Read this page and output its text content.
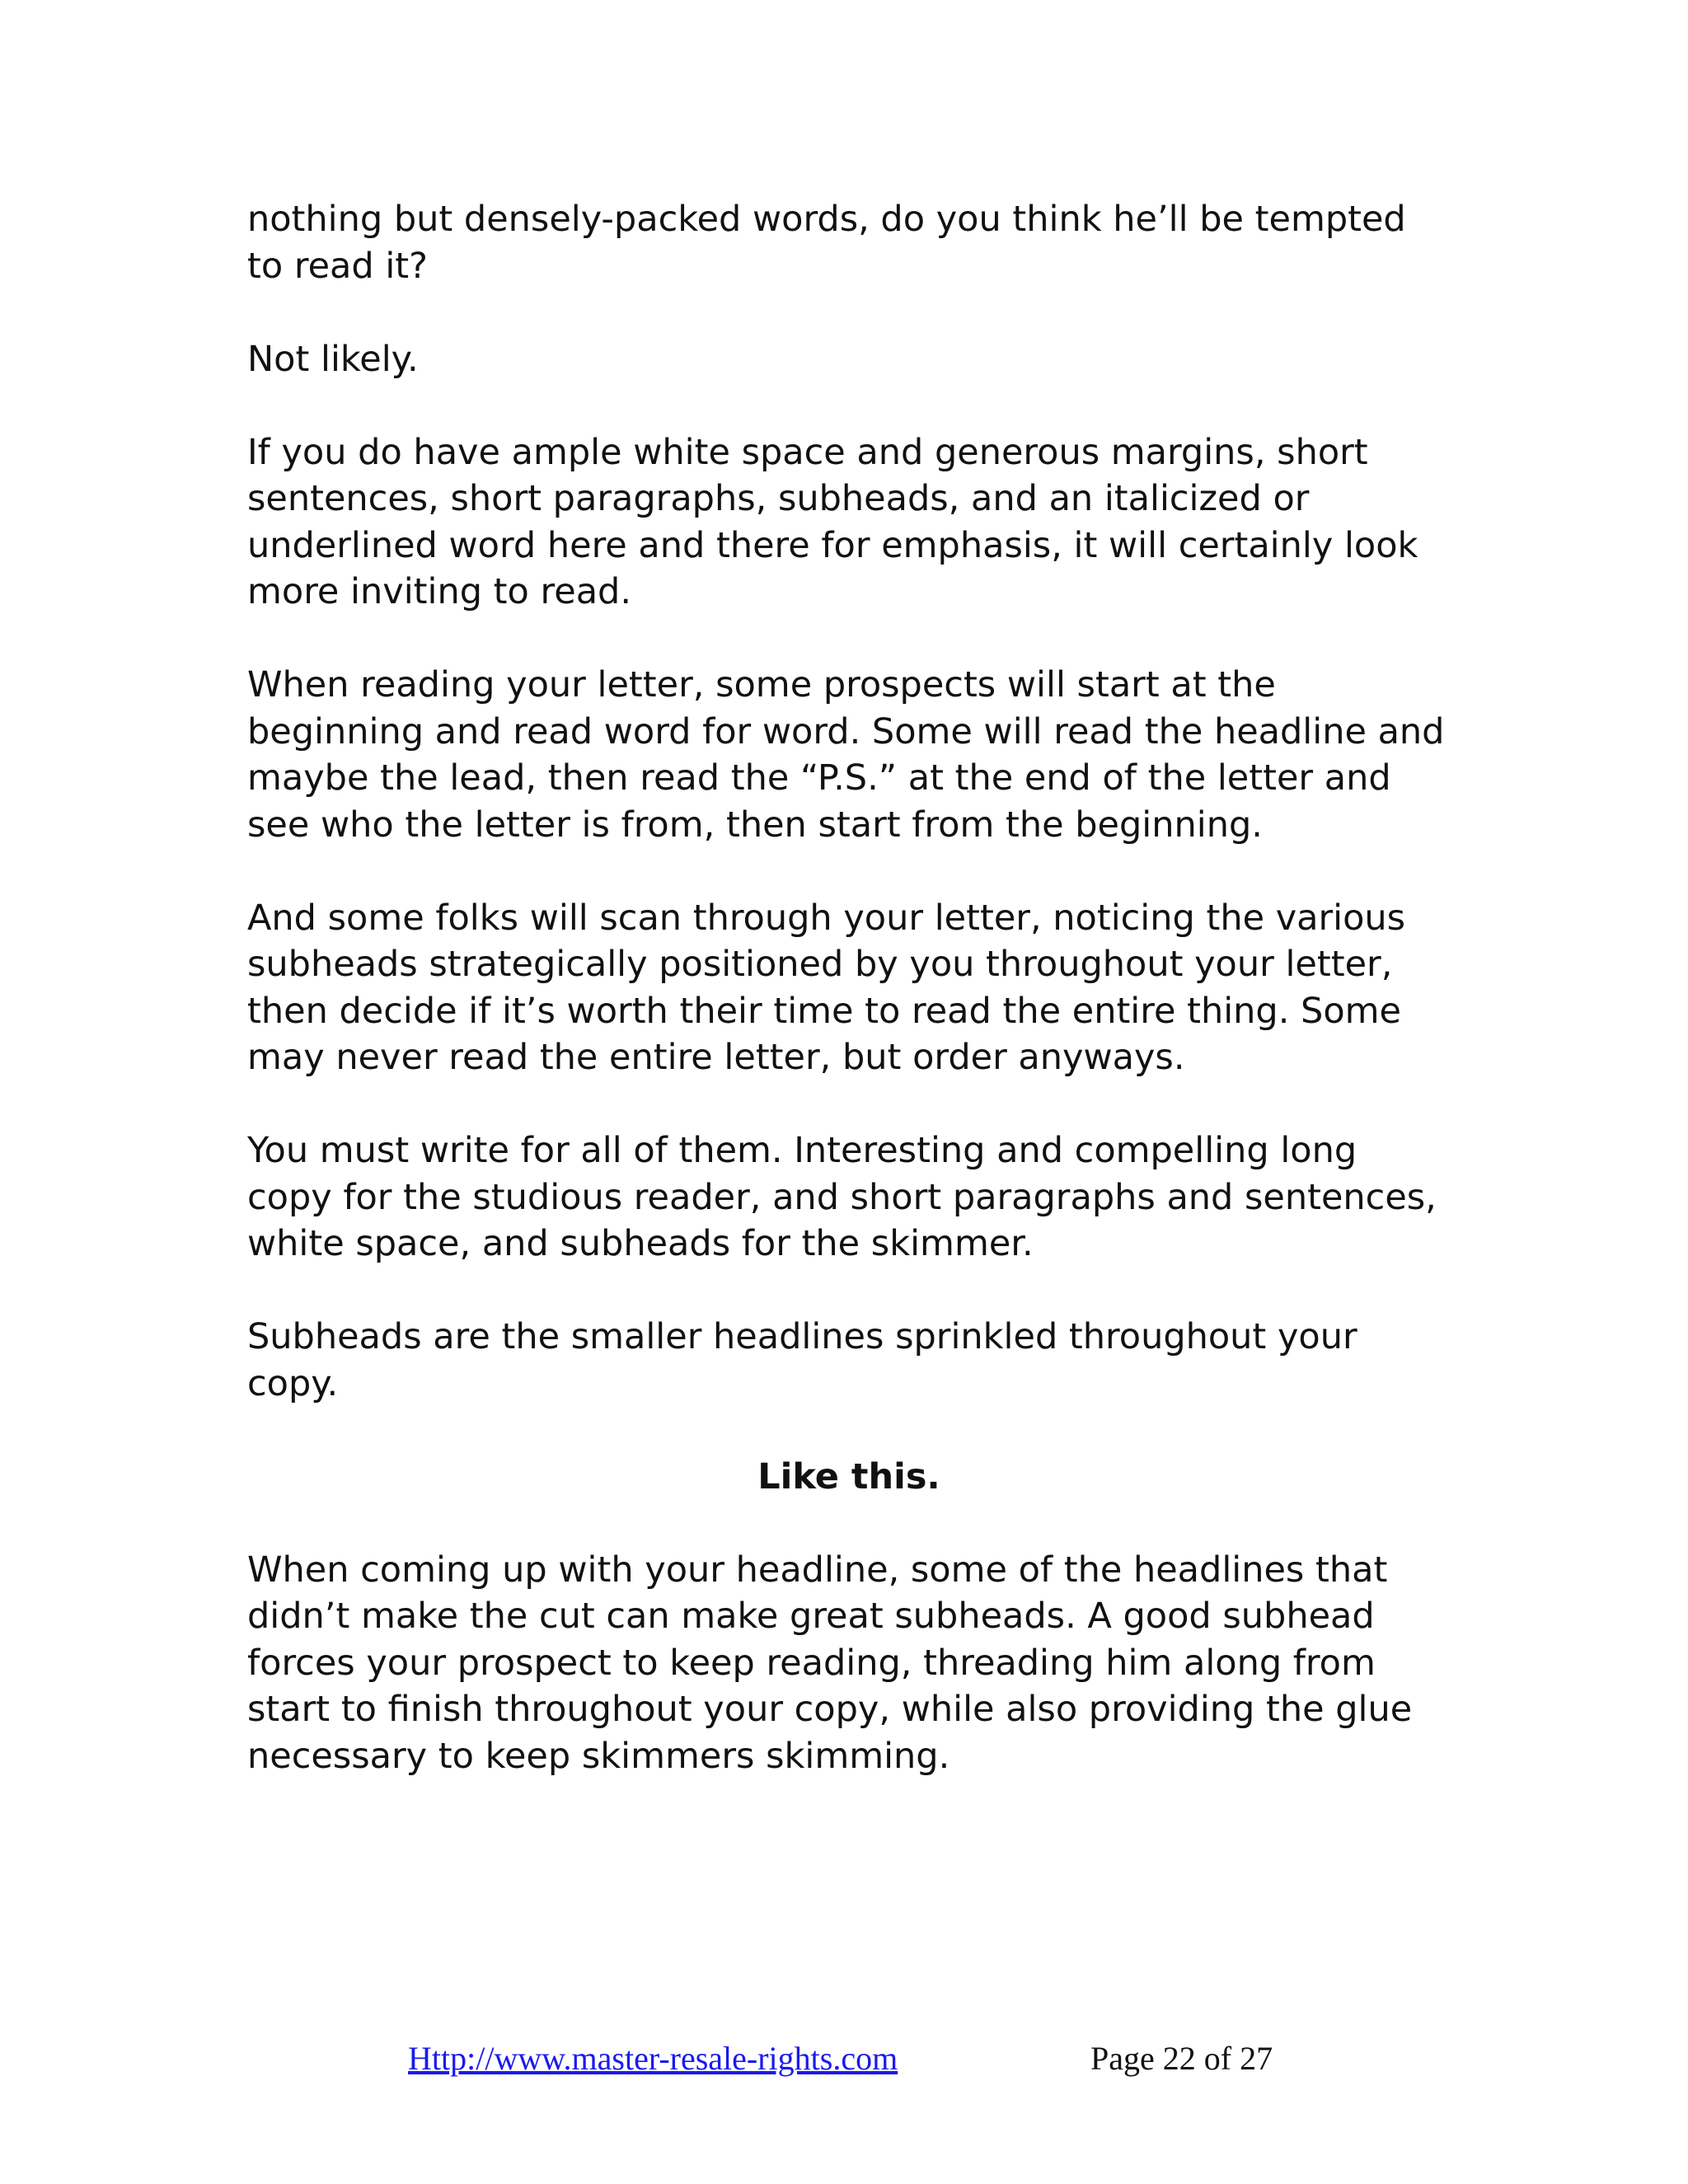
nothing but densely-packed words, do you think he’ll be tempted to read it?

Not likely.

If you do have ample white space and generous margins, short sentences, short paragraphs, subheads, and an italicized or underlined word here and there for emphasis, it will certainly look more inviting to read.

When reading your letter, some prospects will start at the beginning and read word for word. Some will read the headline and maybe the lead, then read the “P.S.” at the end of the letter and see who the letter is from, then start from the beginning.

And some folks will scan through your letter, noticing the various subheads strategically positioned by you throughout your letter, then decide if it’s worth their time to read the entire thing. Some may never read the entire letter, but order anyways.

You must write for all of them. Interesting and compelling long copy for the studious reader, and short paragraphs and sentences, white space, and subheads for the skimmer.

Subheads are the smaller headlines sprinkled throughout your copy.

Like this.

When coming up with your headline, some of the headlines that didn’t make the cut can make great subheads. A good subhead forces your prospect to keep reading, threading him along from start to finish throughout your copy, while also providing the glue necessary to keep skimmers skimming.

Http://www.master-resale-rights.com	Page 22 of 27
